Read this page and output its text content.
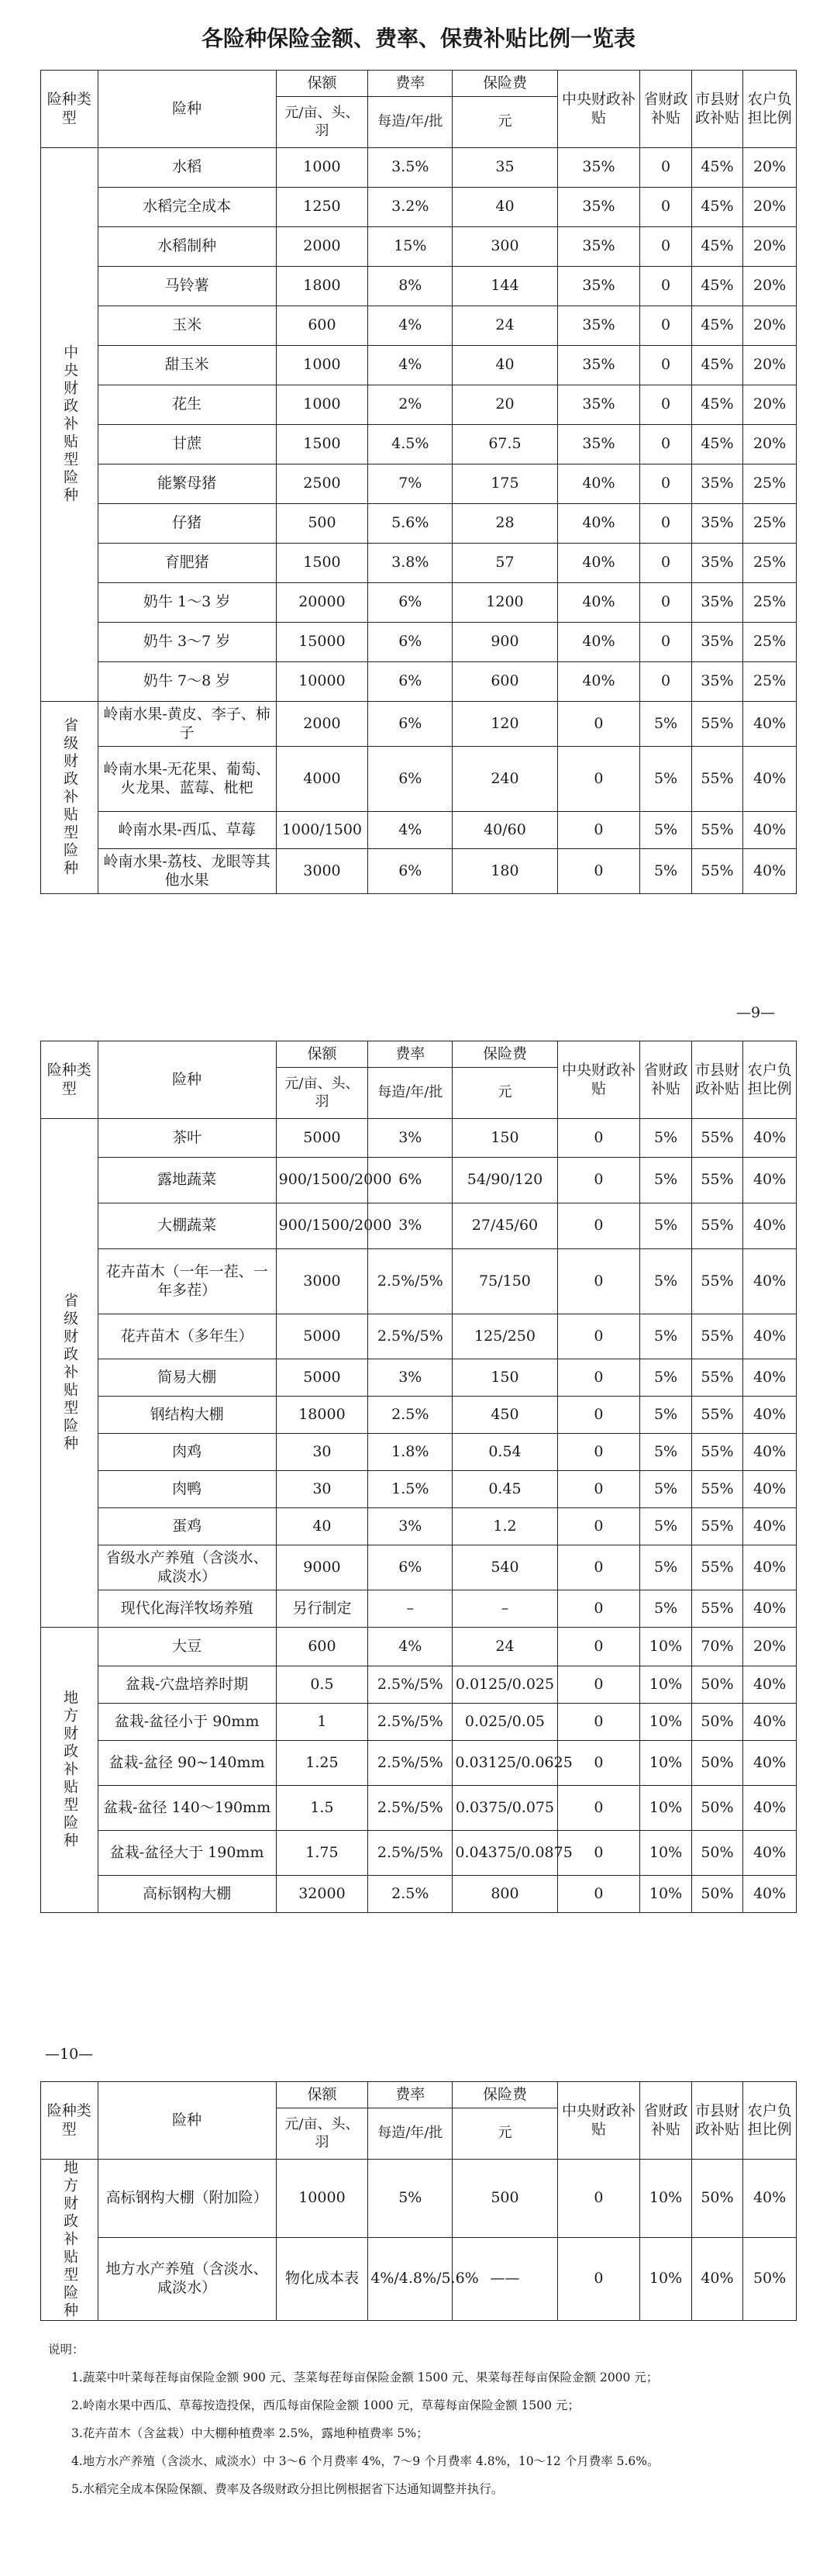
各险种保险金额、费率、保费补贴比例一览表
险种类型	险种	保额	费率	保险费	中央财政补贴	省财政补贴	市县财政补贴	农户负担比例
		元/亩、头、羽	每造/年/批	元				
中央财政补贴型险种	水稻	1000	3.5%	35	35%	0	45%	20%
	水稻完全成本	1250	3.2%	40	35%	0	45%	20%
	水稻制种	2000	15%	300	35%	0	45%	20%
	马铃薯	1800	8%	144	35%	0	45%	20%
	玉米	600	4%	24	35%	0	45%	20%
	甜玉米	1000	4%	40	35%	0	45%	20%
	花生	1000	2%	20	35%	0	45%	20%
	甘蔗	1500	4.5%	67.5	35%	0	45%	20%
	能繁母猪	2500	7%	175	40%	0	35%	25%
	仔猪	500	5.6%	28	40%	0	35%	25%
	育肥猪	1500	3.8%	57	40%	0	35%	25%
	奶牛 1～3 岁	20000	6%	1200	40%	0	35%	25%
	奶牛 3～7 岁	15000	6%	900	40%	0	35%	25%
	奶牛 7～8 岁	10000	6%	600	40%	0	35%	25%
省级财政补贴型险种	岭南水果-黄皮、李子、柿子	2000	6%	120	0	5%	55%	40%
	岭南水果-无花果、葡萄、火龙果、蓝莓、枇杷	4000	6%	240	0	5%	55%	40%
	岭南水果-西瓜、草莓	1000/1500	4%	40/60	0	5%	55%	40%
	岭南水果-荔枝、龙眼等其他水果	3000	6%	180	0	5%	55%	40%
—9—
险种类型	险种	保额	费率	保险费	中央财政补贴	省财政补贴	市县财政补贴	农户负担比例
		元/亩、头、羽	每造/年/批	元				
省级财政补贴型险种	茶叶	5000	3%	150	0	5%	55%	40%
	露地蔬菜	900/1500/2000	6%	54/90/120	0	5%	55%	40%
	大棚蔬菜	900/1500/2000	3%	27/45/60	0	5%	55%	40%
	花卉苗木（一年一茬、一年多茬）	3000	2.5%/5%	75/150	0	5%	55%	40%
	花卉苗木（多年生）	5000	2.5%/5%	125/250	0	5%	55%	40%
	简易大棚	5000	3%	150	0	5%	55%	40%
	钢结构大棚	18000	2.5%	450	0	5%	55%	40%
	肉鸡	30	1.8%	0.54	0	5%	55%	40%
	肉鸭	30	1.5%	0.45	0	5%	55%	40%
	蛋鸡	40	3%	1.2	0	5%	55%	40%
	省级水产养殖（含淡水、咸淡水）	9000	6%	540	0	5%	55%	40%
	现代化海洋牧场养殖	另行制定	–	–	0	5%	55%	40%
地方财政补贴型险种	大豆	600	4%	24	0	10%	70%	20%
	盆栽-穴盘培养时期	0.5	2.5%/5%	0.0125/0.025	0	10%	50%	40%
	盆栽-盆径小于 90mm	1	2.5%/5%	0.025/0.05	0	10%	50%	40%
	盆栽-盆径 90~140mm	1.25	2.5%/5%	0.03125/0.0625	0	10%	50%	40%
	盆栽-盆径 140～190mm	1.5	2.5%/5%	0.0375/0.075	0	10%	50%	40%
	盆栽-盆径大于 190mm	1.75	2.5%/5%	0.04375/0.0875	0	10%	50%	40%
	高标钢构大棚	32000	2.5%	800	0	10%	50%	40%
—10—
险种类型	险种	保额	费率	保险费	中央财政补贴	省财政补贴	市县财政补贴	农户负担比例
		元/亩、头、羽	每造/年/批	元				
地方财政补贴型险种	高标钢构大棚（附加险）	10000	5%	500	0	10%	50%	40%
	地方水产养殖（含淡水、咸淡水）	物化成本表	4%/4.8%/5.6%	——	0	10%	40%	50%
说明：
1.蔬菜中叶菜每茬每亩保险金额 900 元、茎菜每茬每亩保险金额 1500 元、果菜每茬每亩保险金额 2000 元；
2.岭南水果中西瓜、草莓按造投保，西瓜每亩保险金额 1000 元，草莓每亩保险金额 1500 元；
3.花卉苗木（含盆栽）中大棚种植费率 2.5%，露地种植费率 5%；
4.地方水产养殖（含淡水、咸淡水）中 3～6 个月费率 4%，7～9 个月费率 4.8%，10～12 个月费率 5.6%。
5.水稻完全成本保险保额、费率及各级财政分担比例根据省下达通知调整并执行。
